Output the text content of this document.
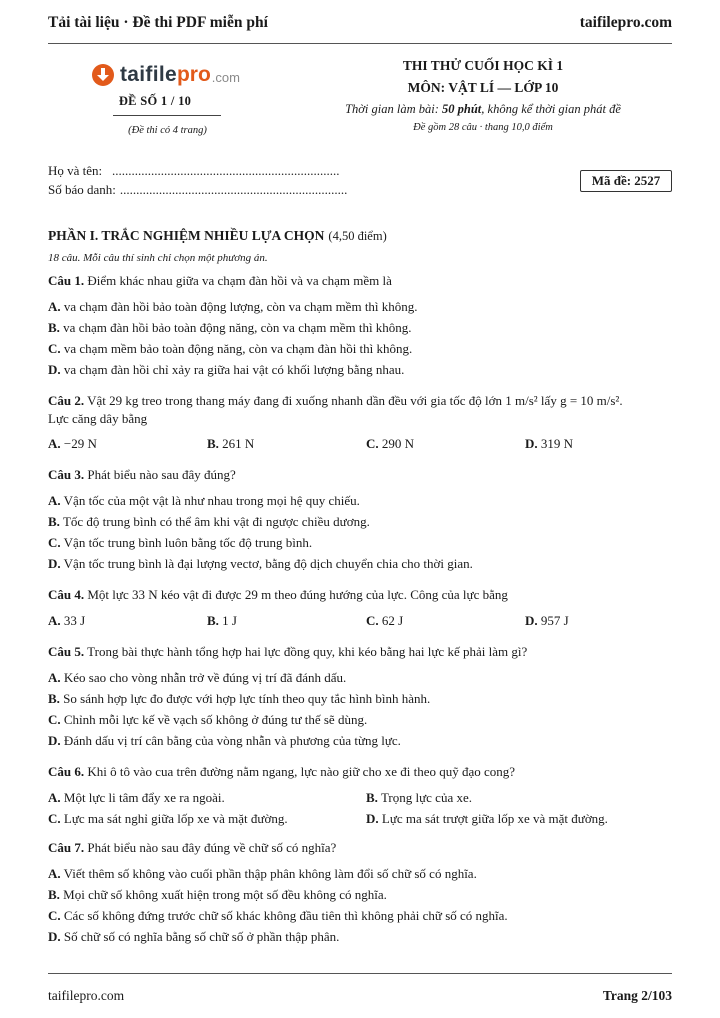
Tải tài liệu · Đề thi PDF miễn phí	taifilepro.com
taifile pro .com
ĐỀ SỐ 1 / 10
(Đề thi có 4 trang)
THI THỬ CUỐI HỌC KÌ 1
MÔN: VẬT LÍ — LỚP 10
Thời gian làm bài: 50 phút, không kể thời gian phát đề
Đề gồm 28 câu · thang 10,0 điểm
Họ và tên: ......................................................................
Số báo danh: ......................................................................
Mã đề: 2527
PHẦN I. TRẮC NGHIỆM NHIỀU LỰA CHỌN (4,50 điểm)
18 câu. Mỗi câu thí sinh chỉ chọn một phương án.
Câu 1. Điểm khác nhau giữa va chạm đàn hồi và va chạm mềm là
A. va chạm đàn hồi bảo toàn động lượng, còn va chạm mềm thì không.
B. va chạm đàn hồi bảo toàn động năng, còn va chạm mềm thì không.
C. va chạm mềm bảo toàn động năng, còn va chạm đàn hồi thì không.
D. va chạm đàn hồi chỉ xảy ra giữa hai vật có khối lượng bằng nhau.
Câu 2. Vật 29 kg treo trong thang máy đang đi xuống nhanh dần đều với gia tốc độ lớn 1 m/s² lấy g = 10 m/s².
Lực căng dây bằng
A. −29 N	B. 261 N	C. 290 N	D. 319 N
Câu 3. Phát biểu nào sau đây đúng?
A. Vận tốc của một vật là như nhau trong mọi hệ quy chiếu.
B. Tốc độ trung bình có thể âm khi vật đi ngược chiều dương.
C. Vận tốc trung bình luôn bằng tốc độ trung bình.
D. Vận tốc trung bình là đại lượng vectơ, bằng độ dịch chuyển chia cho thời gian.
Câu 4. Một lực 33 N kéo vật đi được 29 m theo đúng hướng của lực. Công của lực bằng
A. 33 J	B. 1 J	C. 62 J	D. 957 J
Câu 5. Trong bài thực hành tổng hợp hai lực đồng quy, khi kéo bằng hai lực kế phải làm gì?
A. Kéo sao cho vòng nhẫn trở về đúng vị trí đã đánh dấu.
B. So sánh hợp lực đo được với hợp lực tính theo quy tắc hình bình hành.
C. Chỉnh mỗi lực kế về vạch số không ở đúng tư thế sẽ dùng.
D. Đánh dấu vị trí cân bằng của vòng nhẫn và phương của từng lực.
Câu 6. Khi ô tô vào cua trên đường nằm ngang, lực nào giữ cho xe đi theo quỹ đạo cong?
A. Một lực li tâm đẩy xe ra ngoài.	B. Trọng lực của xe.
C. Lực ma sát nghỉ giữa lốp xe và mặt đường.	D. Lực ma sát trượt giữa lốp xe và mặt đường.
Câu 7. Phát biểu nào sau đây đúng về chữ số có nghĩa?
A. Viết thêm số không vào cuối phần thập phân không làm đổi số chữ số có nghĩa.
B. Mọi chữ số không xuất hiện trong một số đều không có nghĩa.
C. Các số không đứng trước chữ số khác không đầu tiên thì không phải chữ số có nghĩa.
D. Số chữ số có nghĩa bằng số chữ số ở phần thập phân.
taifilepro.com	Trang 2/103
